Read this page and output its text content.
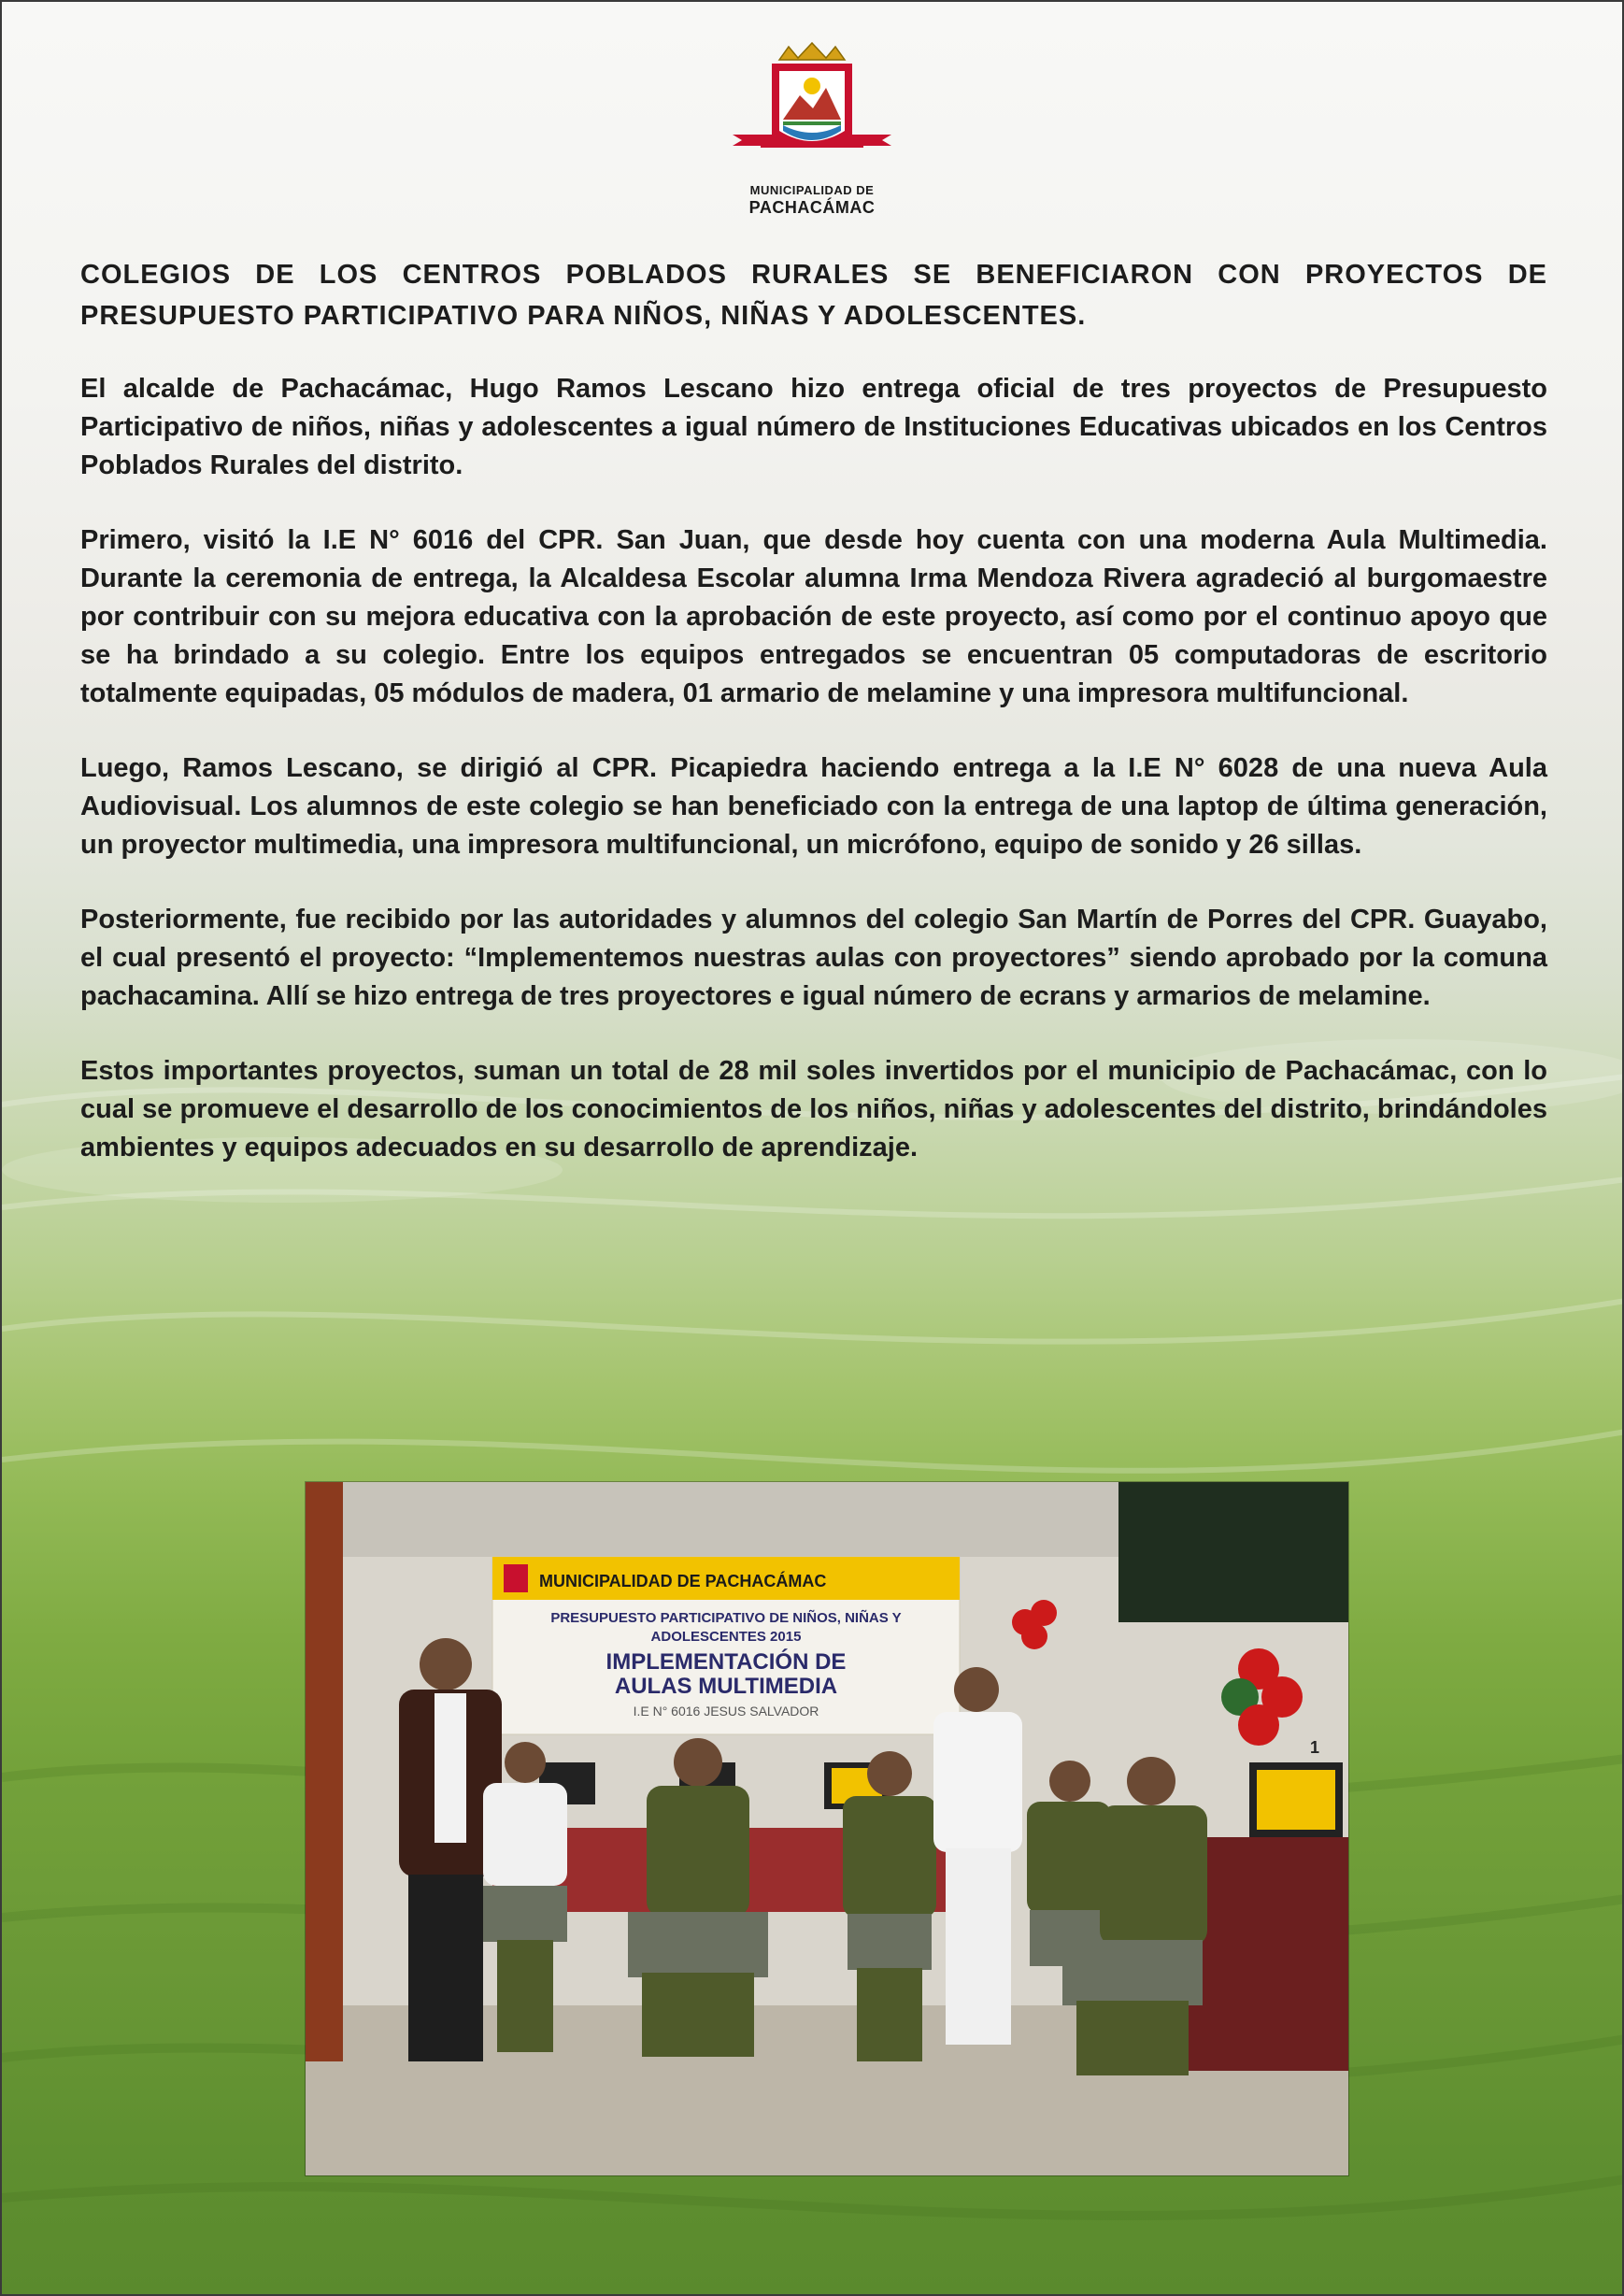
MUNICIPALIDAD DE
PACHACÁMAC
COLEGIOS DE LOS CENTROS POBLADOS RURALES SE BENEFICIARON CON PROYECTOS DE PRESUPUESTO PARTICIPATIVO PARA NIÑOS, NIÑAS Y ADOLESCENTES.
El alcalde de Pachacámac, Hugo Ramos Lescano hizo entrega oficial de tres proyectos de Presupuesto Participativo de niños, niñas y adolescentes a igual número de Instituciones Educativas ubicados en los Centros Poblados Rurales del distrito.
Primero, visitó la I.E N° 6016 del CPR. San Juan, que desde hoy cuenta con una moderna Aula Multimedia. Durante la ceremonia de entrega, la Alcaldesa Escolar alumna Irma Mendoza Rivera agradeció al burgomaestre por contribuir con su mejora educativa con la aprobación de este proyecto, así como por el continuo apoyo que se ha brindado a su colegio. Entre los equipos entregados se encuentran 05 computadoras de escritorio totalmente equipadas, 05 módulos de madera, 01 armario de melamine y una impresora multifuncional.
Luego, Ramos Lescano, se dirigió al CPR. Picapiedra haciendo entrega a la I.E N° 6028 de una nueva Aula Audiovisual. Los alumnos de este colegio se han beneficiado con la entrega de una laptop de última generación, un proyector multimedia, una impresora multifuncional, un micrófono, equipo de sonido y 26 sillas.
Posteriormente, fue recibido por las autoridades y alumnos del colegio San Martín de Porres del CPR. Guayabo, el cual presentó el proyecto: “Implementemos nuestras aulas con proyectores” siendo aprobado por la comuna pachacamina. Allí se hizo entrega de tres proyectores e igual número de ecrans y armarios de melamine.
Estos importantes proyectos, suman un total de 28 mil soles invertidos por el municipio de Pachacámac, con lo cual se promueve el desarrollo de los conocimientos de los niños, niñas y adolescentes del distrito, brindándoles ambientes y equipos adecuados en su desarrollo de aprendizaje.
MUNICIPALIDAD DE PACHACÁMAC
PRESUPUESTO PARTICIPATIVO DE NIÑOS, NIÑAS Y
ADOLESCENTES 2015
IMPLEMENTACIÓN DE
AULAS MULTIMEDIA
I.E N° 6016 JESUS SALVADOR
1
